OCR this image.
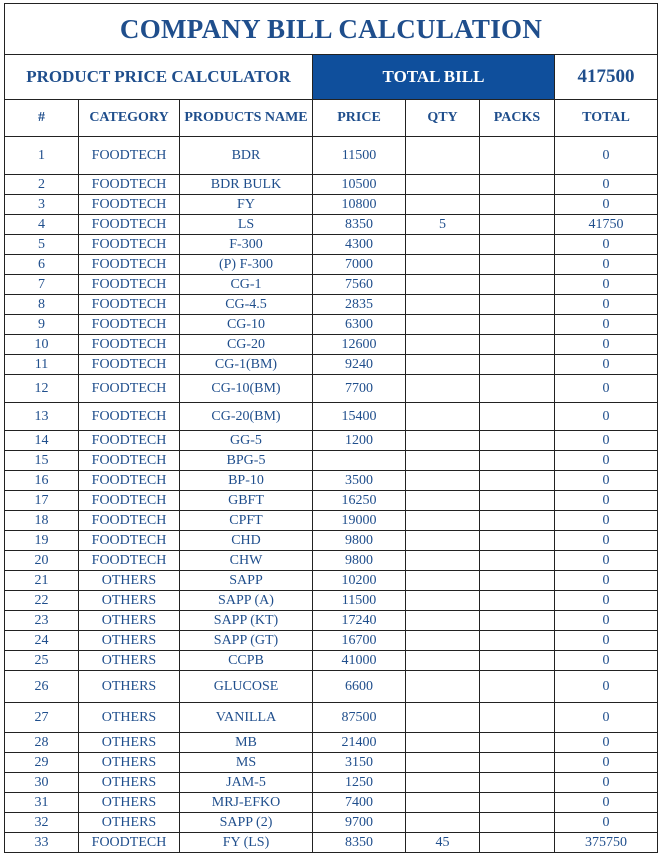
COMPANY BILL CALCULATION						
PRODUCT PRICE CALCULATOR			TOTAL BILL			417500
#	CATEGORY	PRODUCTS NAME	PRICE	QTY	PACKS	TOTAL
1	FOODTECH	BDR	11500			0
2	FOODTECH	BDR BULK	10500			0
3	FOODTECH	FY	10800			0
4	FOODTECH	LS	8350	5		41750
5	FOODTECH	F-300	4300			0
6	FOODTECH	(P) F-300	7000			0
7	FOODTECH	CG-1	7560			0
8	FOODTECH	CG-4.5	2835			0
9	FOODTECH	CG-10	6300			0
10	FOODTECH	CG-20	12600			0
11	FOODTECH	CG-1(BM)	9240			0
12	FOODTECH	CG-10(BM)	7700			0
13	FOODTECH	CG-20(BM)	15400			0
14	FOODTECH	GG-5	1200			0
15	FOODTECH	BPG-5				0
16	FOODTECH	BP-10	3500			0
17	FOODTECH	GBFT	16250			0
18	FOODTECH	CPFT	19000			0
19	FOODTECH	CHD	9800			0
20	FOODTECH	CHW	9800			0
21	OTHERS	SAPP	10200			0
22	OTHERS	SAPP (A)	11500			0
23	OTHERS	SAPP (KT)	17240			0
24	OTHERS	SAPP (GT)	16700			0
25	OTHERS	CCPB	41000			0
26	OTHERS	GLUCOSE	6600			0
27	OTHERS	VANILLA	87500			0
28	OTHERS	MB	21400			0
29	OTHERS	MS	3150			0
30	OTHERS	JAM-5	1250			0
31	OTHERS	MRJ-EFKO	7400			0
32	OTHERS	SAPP (2)	9700			0
33	FOODTECH	FY (LS)	8350	45		375750
